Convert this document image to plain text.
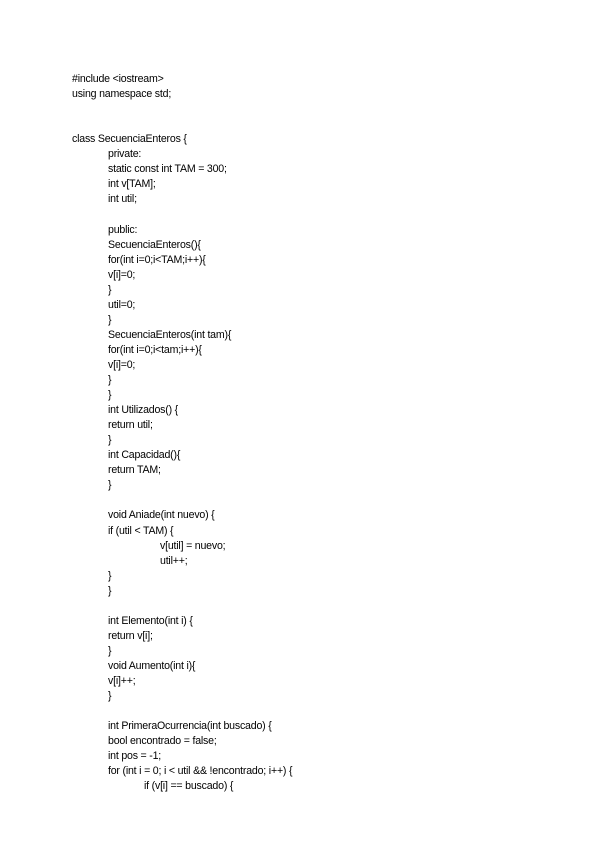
#include <iostream>
using namespace std;
class SecuenciaEnteros {
private:
static const int TAM = 300;
int v[TAM];
int util;
public:
SecuenciaEnteros(){
for(int i=0;i<TAM;i++){
v[i]=0;
}
util=0;
}
SecuenciaEnteros(int tam){
for(int i=0;i<tam;i++){
v[i]=0;
}
}
int Utilizados() {
return util;
}
int Capacidad(){
return TAM;
}
void Aniade(int nuevo) {
if (util < TAM) {
v[util] = nuevo;
util++;
}
}
int Elemento(int i) {
return v[i];
}
void Aumento(int i){
v[i]++;
}
int PrimeraOcurrencia(int buscado) {
bool encontrado = false;
int pos = -1;
for (int i = 0; i < util && !encontrado; i++) {
if (v[i] == buscado) {
